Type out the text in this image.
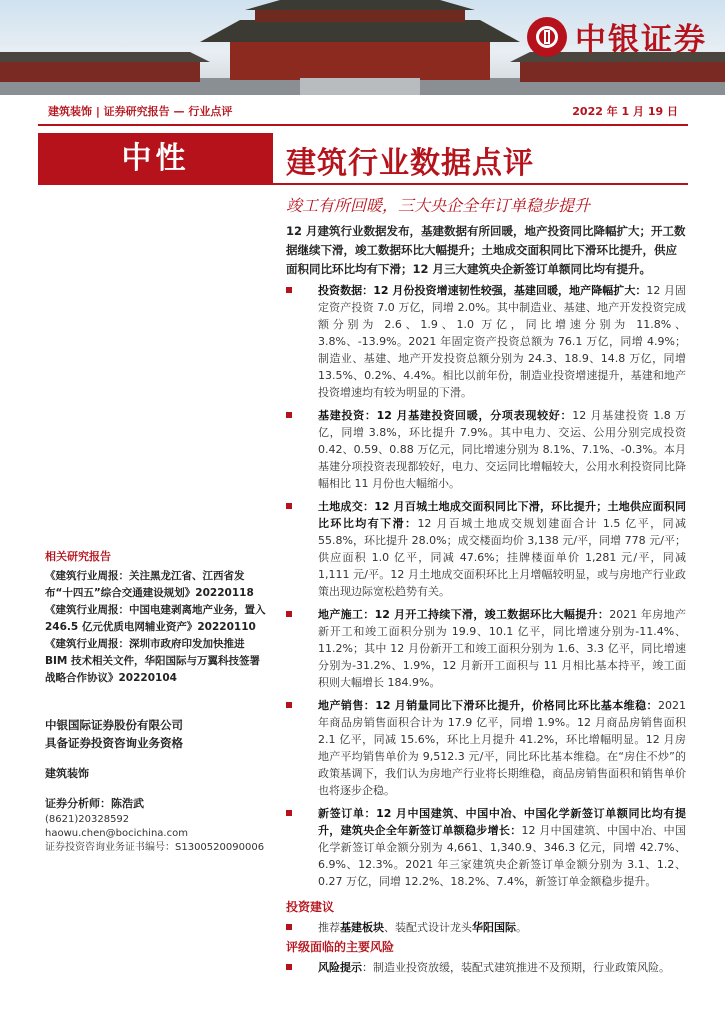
中银证券
建筑装饰 | 证券研究报告 — 行业点评	2022 年 1 月 19 日
中性	建筑行业数据点评
竣工有所回暖，三大央企全年订单稳步提升
12 月建筑行业数据发布，基建数据有所回暖，地产投资同比降幅扩大；开工数据继续下滑，竣工数据环比大幅提升；土地成交面积同比下滑环比提升，供应面积同比环比均有下滑；12 月三大建筑央企新签订单额同比均有提升。
投资数据：12 月份投资增速韧性较强，基建回暖，地产降幅扩大：12 月固定资产投资 7.0 万亿，同增 2.0%。其中制造业、基建、地产开发投资完成额分别为 2.6、1.9、1.0 万亿，同比增速分别为 11.8%、3.8%、-13.9%。2021 年固定资产投资总额为 76.1 万亿，同增 4.9%；制造业、基建、地产开发投资总额分别为 24.3、18.9、14.8 万亿，同增 13.5%、0.2%、4.4%。相比以前年份，制造业投资增速提升，基建和地产投资增速均有较为明显的下滑。
基建投资：12 月基建投资回暖，分项表现较好：12 月基建投资 1.8 万亿，同增 3.8%，环比提升 7.9%。其中电力、交运、公用分别完成投资 0.42、0.59、0.88 万亿元，同比增速分别为 8.1%、7.1%、-0.3%。本月基建分项投资表现都较好，电力、交运同比增幅较大，公用水利投资同比降幅相比 11 月份也大幅缩小。
土地成交：12 月百城土地成交面积同比下滑，环比提升；土地供应面积同比环比均有下滑：12 月百城土地成交规划建面合计 1.5 亿平，同减 55.8%，环比提升 28.0%；成交楼面均价 3,138 元/平，同增 778 元/平；供应面积 1.0 亿平，同减 47.6%；挂牌楼面单价 1,281 元/平，同减 1,111 元/平。12 月土地成交面积环比上月增幅较明显，或与房地产行业政策出现边际宽松趋势有关。
地产施工：12 月开工持续下滑，竣工数据环比大幅提升：2021 年房地产新开工和竣工面积分别为 19.9、10.1 亿平，同比增速分别为-11.4%、11.2%；其中 12 月份新开工和竣工面积分别为 1.6、3.3 亿平，同比增速分别为-31.2%、1.9%，12 月新开工面积与 11 月相比基本持平，竣工面积则大幅增长 184.9%。
地产销售：12 月销量同比下滑环比提升，价格同比环比基本维稳：2021 年商品房销售面积合计为 17.9 亿平，同增 1.9%。12 月商品房销售面积 2.1 亿平，同减 15.6%，环比上月提升 41.2%，环比增幅明显。12 月房地产平均销售单价为 9,512.3 元/平，同比环比基本维稳。在“房住不炒”的政策基调下，我们认为房地产行业将长期维稳，商品房销售面积和销售单价也将逐步企稳。
新签订单：12 月中国建筑、中国中冶、中国化学新签订单额同比均有提升，建筑央企全年新签订单额稳步增长：12 月中国建筑、中国中冶、中国化学新签订单金额分别为 4,661、1,340.9、346.3 亿元，同增 42.7%、6.9%、12.3%。2021 年三家建筑央企新签订单金额分别为 3.1、1.2、0.27 万亿，同增 12.2%、18.2%、7.4%，新签订单金额稳步提升。
投资建议
推荐基建板块、装配式设计龙头华阳国际。
评级面临的主要风险
风险提示：制造业投资放缓，装配式建筑推进不及预期，行业政策风险。
相关研究报告
《建筑行业周报：关注黑龙江省、江西省发布“十四五”综合交通建设规划》20220118
《建筑行业周报：中国电建剥离地产业务，置入 246.5 亿元优质电网辅业资产》20220110
《建筑行业周报：深圳市政府印发加快推进 BIM 技术相关文件，华阳国际与万翼科技签署战略合作协议》20220104
中银国际证券股份有限公司
具备证券投资咨询业务资格
建筑装饰
证券分析师：陈浩武
(8621)20328592
haowu.chen@bocichina.com
证券投资咨询业务证书编号：S1300520090006
